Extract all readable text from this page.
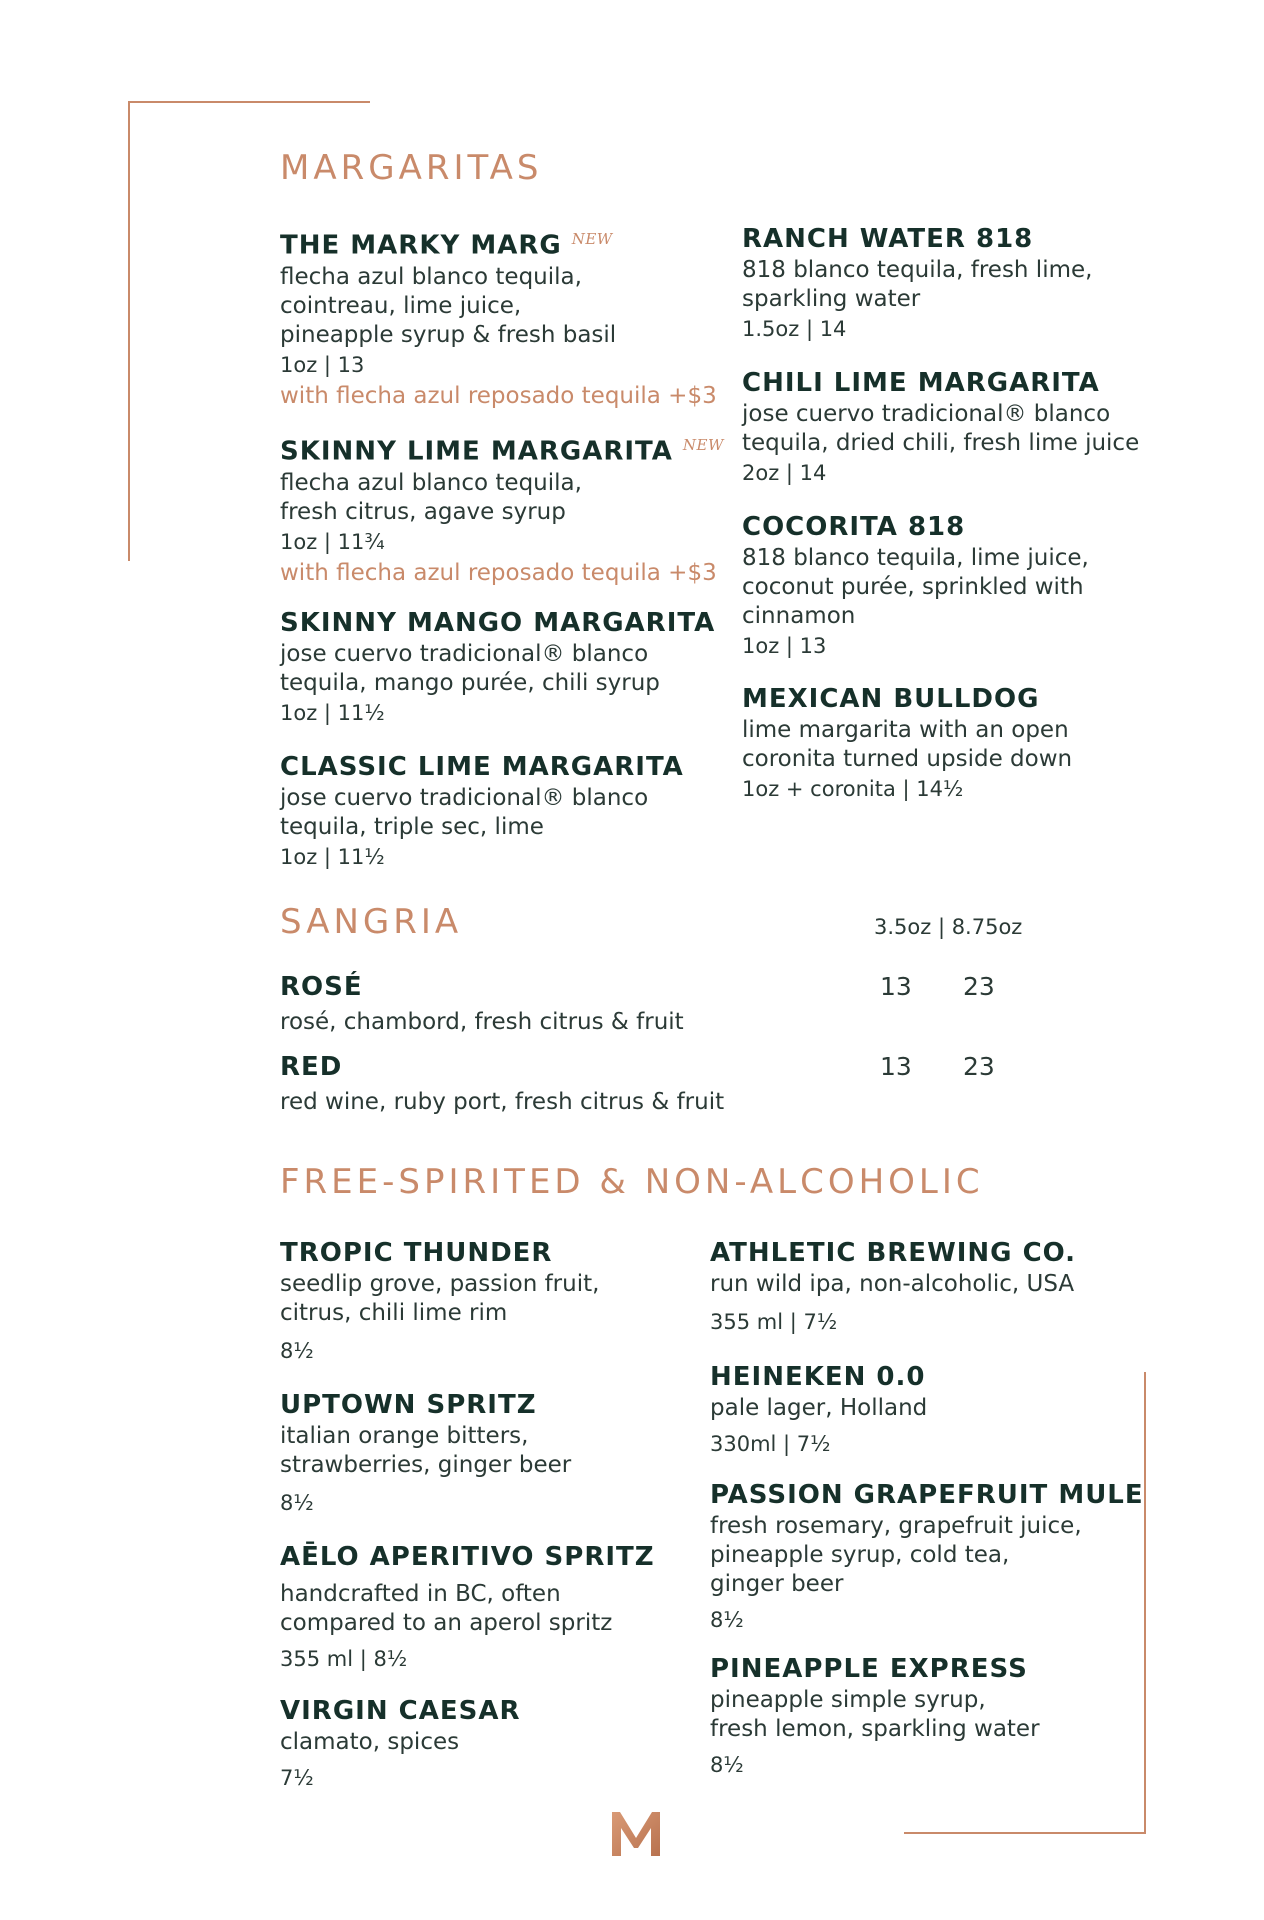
MARGARITAS
THE MARKY MARG $^{NEW}$
flecha azul blanco tequila,
cointreau, lime juice,
pineapple syrup & fresh basil
1oz | 13
with flecha azul reposado tequila +$3
SKINNY LIME MARGARITA $^{NEW}$
flecha azul blanco tequila,
fresh citrus, agave syrup
1oz | 11¾
with flecha azul reposado tequila +$3
SKINNY MANGO MARGARITA
jose cuervo tradicional® blanco
tequila, mango purée, chili syrup
1oz | 11½
CLASSIC LIME MARGARITA
jose cuervo tradicional® blanco
tequila, triple sec, lime
1oz | 11½
RANCH WATER 818
818 blanco tequila, fresh lime,
sparkling water
1.5oz | 14
CHILI LIME MARGARITA
jose cuervo tradicional® blanco
tequila, dried chili, fresh lime juice
2oz | 14
COCORITA 818
818 blanco tequila, lime juice,
coconut purée, sprinkled with
cinnamon
1oz | 13
MEXICAN BULLDOG
lime margarita with an open
coronita turned upside down
1oz + coronita | 14½
SANGRIA	3.5oz | 8.75oz
ROSÉ
rosé, chambord, fresh citrus & fruit
13 23
RED
red wine, ruby port, fresh citrus & fruit
13 23
FREE-SPIRITED & NON-ALCOHOLIC
TROPIC THUNDER
seedlip grove, passion fruit,
citrus, chili lime rim
8½
UPTOWN SPRITZ
italian orange bitters,
strawberries, ginger beer
8½
AĒLO APERITIVO SPRITZ
handcrafted in BC, often
compared to an aperol spritz
355 ml | 8½
VIRGIN CAESAR
clamato, spices
7½
ATHLETIC BREWING CO.
run wild ipa, non-alcoholic, USA
355 ml | 7½
HEINEKEN 0.0
pale lager, Holland
330ml | 7½
PASSION GRAPEFRUIT MULE
fresh rosemary, grapefruit juice,
pineapple syrup, cold tea,
ginger beer
8½
PINEAPPLE EXPRESS
pineapple simple syrup,
fresh lemon, sparkling water
8½
